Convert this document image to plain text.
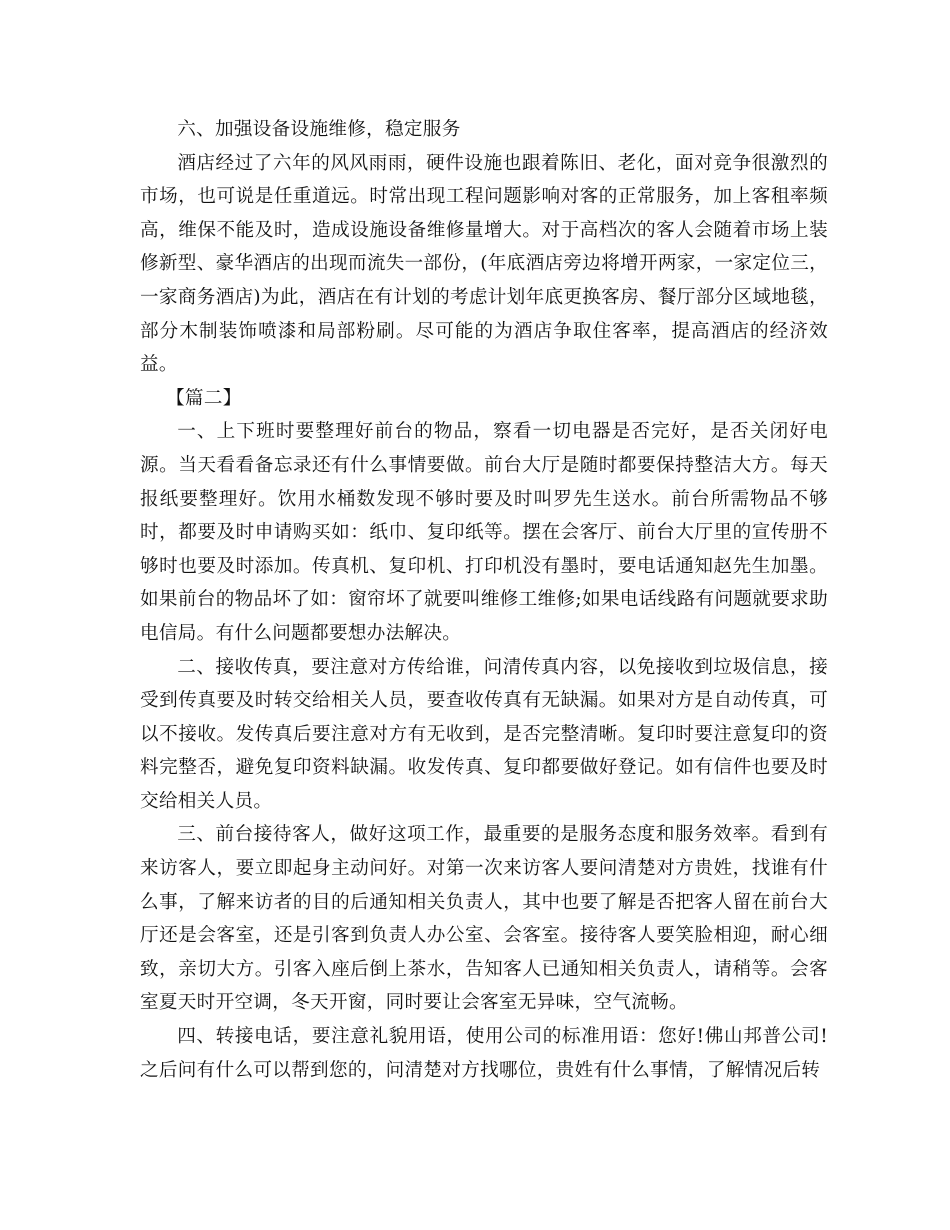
六、加强设备设施维修，稳定服务

酒店经过了六年的风风雨雨，硬件设施也跟着陈旧、老化，面对竞争很激烈的市场，也可说是任重道远。时常出现工程问题影响对客的正常服务，加上客租率频高，维保不能及时，造成设施设备维修量增大。对于高档次的客人会随着市场上装修新型、豪华酒店的出现而流失一部份，(年底酒店旁边将增开两家，一家定位三，一家商务酒店)为此，酒店在有计划的考虑计划年底更换客房、餐厅部分区域地毯，部分木制装饰喷漆和局部粉刷。尽可能的为酒店争取住客率，提高酒店的经济效益。

【篇二】

一、上下班时要整理好前台的物品，察看一切电器是否完好，是否关闭好电源。当天看看备忘录还有什么事情要做。前台大厅是随时都要保持整洁大方。每天报纸要整理好。饮用水桶数发现不够时要及时叫罗先生送水。前台所需物品不够时，都要及时申请购买如：纸巾、复印纸等。摆在会客厅、前台大厅里的宣传册不够时也要及时添加。传真机、复印机、打印机没有墨时，要电话通知赵先生加墨。如果前台的物品坏了如：窗帘坏了就要叫维修工维修;如果电话线路有问题就要求助电信局。有什么问题都要想办法解决。

二、接收传真，要注意对方传给谁，问清传真内容，以免接收到垃圾信息，接受到传真要及时转交给相关人员，要查收传真有无缺漏。如果对方是自动传真，可以不接收。发传真后要注意对方有无收到，是否完整清晰。复印时要注意复印的资料完整否，避免复印资料缺漏。收发传真、复印都要做好登记。如有信件也要及时交给相关人员。

三、前台接待客人，做好这项工作，最重要的是服务态度和服务效率。看到有来访客人，要立即起身主动问好。对第一次来访客人要问清楚对方贵姓，找谁有什么事，了解来访者的目的后通知相关负责人，其中也要了解是否把客人留在前台大厅还是会客室，还是引客到负责人办公室、会客室。接待客人要笑脸相迎，耐心细致，亲切大方。引客入座后倒上茶水，告知客人已通知相关负责人，请稍等。会客室夏天时开空调，冬天开窗，同时要让会客室无异味，空气流畅。

四、转接电话，要注意礼貌用语，使用公司的标准用语：您好!佛山邦普公司!之后问有什么可以帮到您的，问清楚对方找哪位，贵姓有什么事情，了解情况后转
